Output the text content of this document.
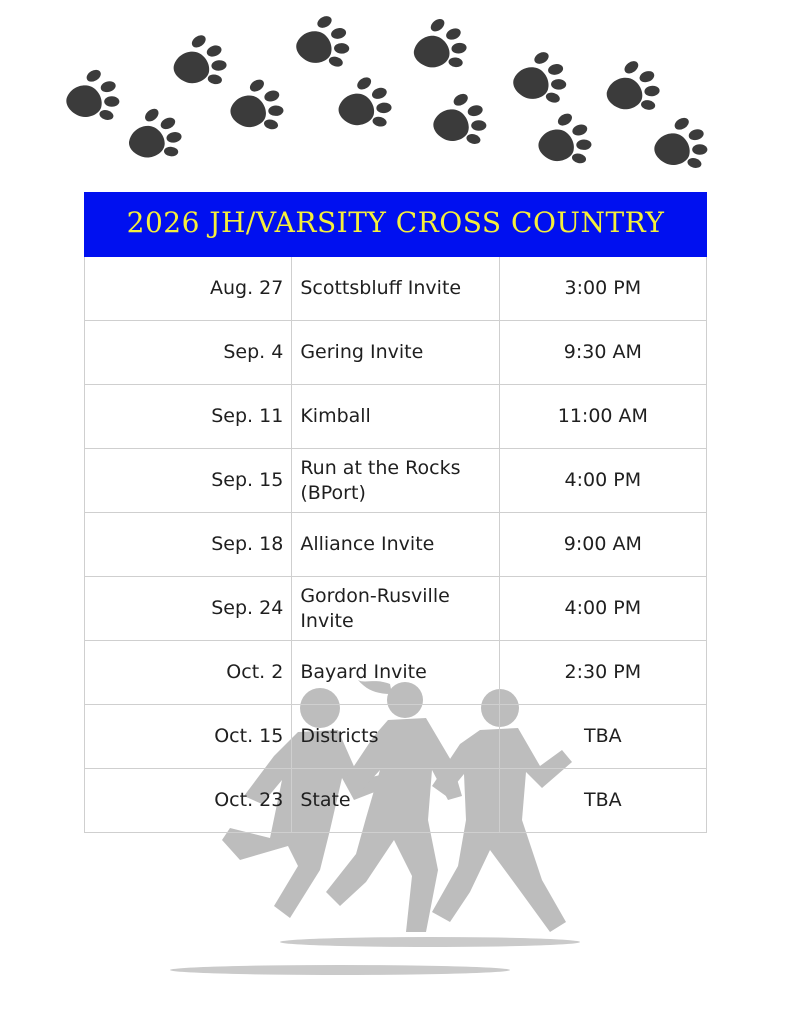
2026 JH/VARSITY CROSS COUNTRY		
Aug. 27	Scottsbluff Invite	3:00 PM
Sep. 4	Gering Invite	9:30 AM
Sep. 11	Kimball	11:00 AM
Sep. 15	Run at the Rocks (BPort)	4:00 PM
Sep. 18	Alliance Invite	9:00 AM
Sep. 24	Gordon-Rusville Invite	4:00 PM
Oct. 2	Bayard Invite	2:30 PM
Oct. 15	Districts	TBA
Oct. 23	State	TBA
